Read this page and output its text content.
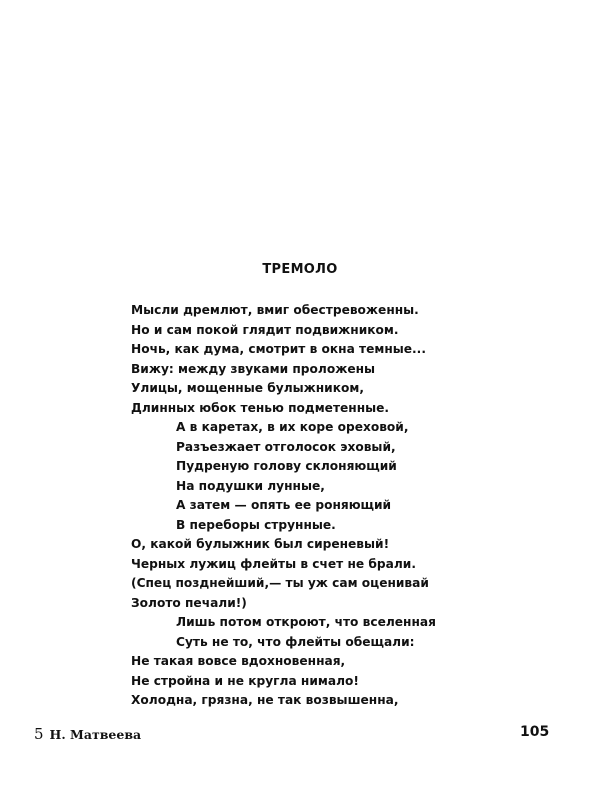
ТРЕМОЛО
Мысли дремлют, вмиг обестревоженны.
Но и сам покой глядит подвижником.
Ночь, как дума, смотрит в окна темные...
Вижу: между звуками проложены
Улицы, мощенные булыжником,
Длинных юбок тенью подметенные.
А в каретах, в их коре ореховой,
Разъезжает отголосок эховый,
Пудреную голову склоняющий
На подушки лунные,
А затем — опять ее роняющий
В переборы струнные.
О, какой булыжник был сиреневый!
Черных лужиц флейты в счет не брали.
(Спец позднейший,— ты уж сам оценивай
Золото печали!)
Лишь потом откроют, что вселенная
Суть не то, что флейты обещали:
Не такая вовсе вдохновенная,
Не стройна и не кругла нимало!
Холодна, грязна, не так возвышенна,
5 Н. Матвеева	105
